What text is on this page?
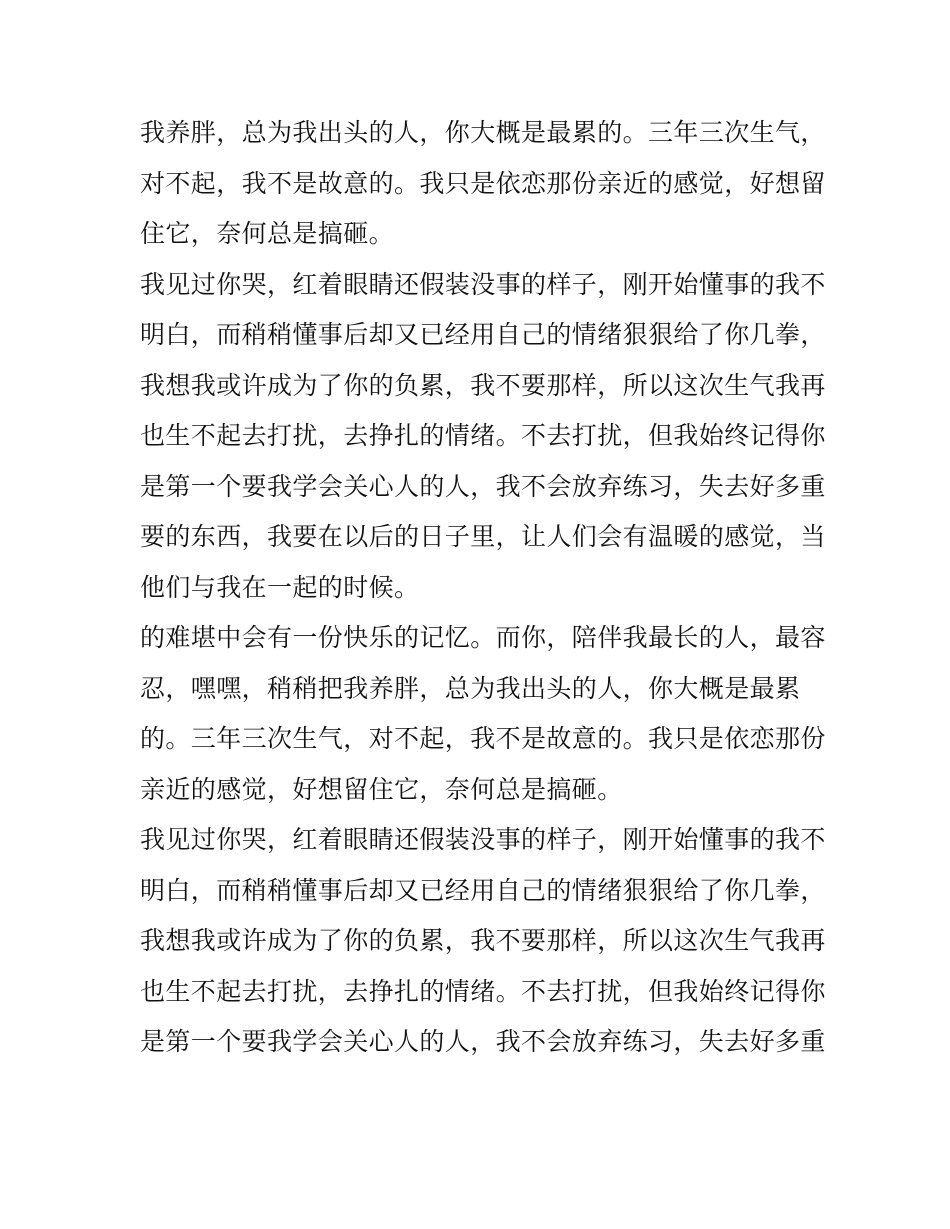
我养胖，总为我出头的人，你大概是最累的。三年三次生气，
对不起，我不是故意的。我只是依恋那份亲近的感觉，好想留
住它，奈何总是搞砸。
我见过你哭，红着眼睛还假装没事的样子，刚开始懂事的我不
明白，而稍稍懂事后却又已经用自己的情绪狠狠给了你几拳，
我想我或许成为了你的负累，我不要那样，所以这次生气我再
也生不起去打扰，去挣扎的情绪。不去打扰，但我始终记得你
是第一个要我学会关心人的人，我不会放弃练习，失去好多重
要的东西，我要在以后的日子里，让人们会有温暖的感觉，当
他们与我在一起的时候。
的难堪中会有一份快乐的记忆。而你，陪伴我最长的人，最容
忍，嘿嘿，稍稍把我养胖，总为我出头的人，你大概是最累
的。三年三次生气，对不起，我不是故意的。我只是依恋那份
亲近的感觉，好想留住它，奈何总是搞砸。
我见过你哭，红着眼睛还假装没事的样子，刚开始懂事的我不
明白，而稍稍懂事后却又已经用自己的情绪狠狠给了你几拳，
我想我或许成为了你的负累，我不要那样，所以这次生气我再
也生不起去打扰，去挣扎的情绪。不去打扰，但我始终记得你
是第一个要我学会关心人的人，我不会放弃练习，失去好多重
